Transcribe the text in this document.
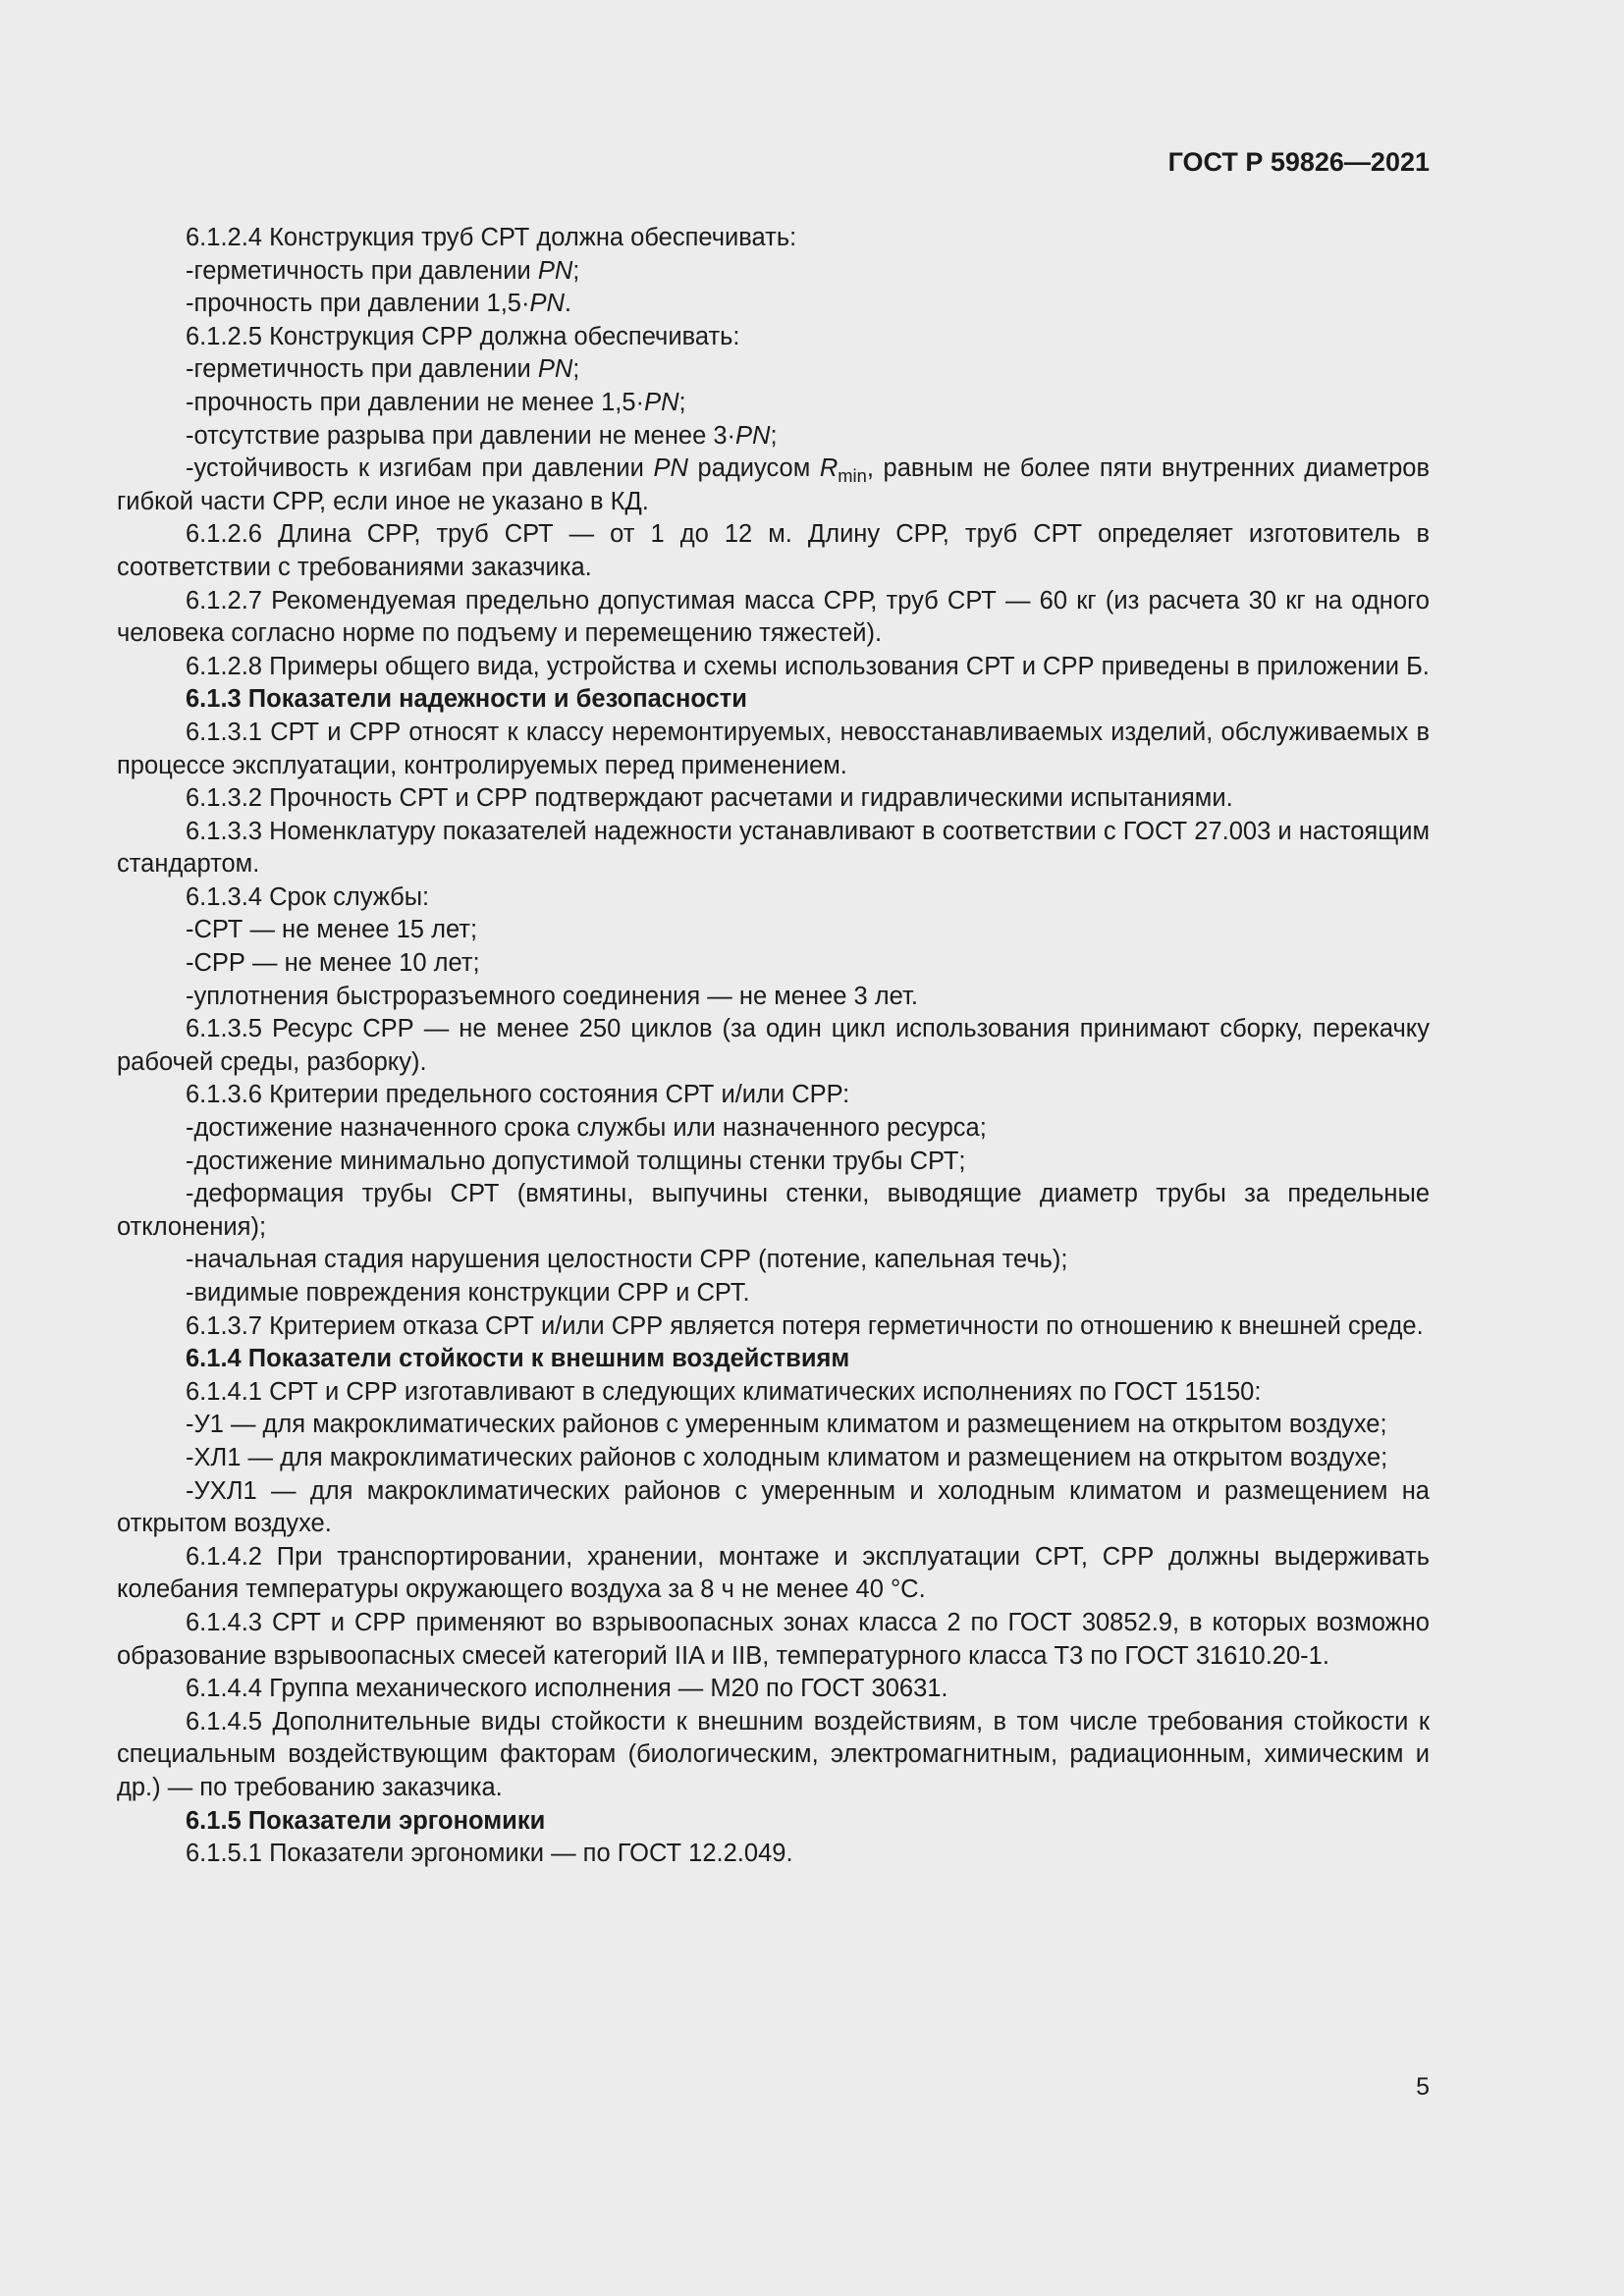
ГОСТ Р 59826—2021

6.1.2.4 Конструкция труб СРТ должна обеспечивать:

-герметичность при давлении PN;

-прочность при давлении 1,5·PN.

6.1.2.5 Конструкция СРР должна обеспечивать:

-герметичность при давлении PN;

-прочность при давлении не менее 1,5·PN;

-отсутствие разрыва при давлении не менее 3·PN;

-устойчивость к изгибам при давлении PN радиусом $R_{min}$, равным не более пяти внутренних диаметров гибкой части СРР, если иное не указано в КД.

6.1.2.6 Длина СРР, труб СРТ — от 1 до 12 м. Длину СРР, труб СРТ определяет изготовитель в соответствии с требованиями заказчика.

6.1.2.7 Рекомендуемая предельно допустимая масса СРР, труб СРТ — 60 кг (из расчета 30 кг на одного человека согласно норме по подъему и перемещению тяжестей).

6.1.2.8 Примеры общего вида, устройства и схемы использования СРТ и СРР приведены в приложении Б.

6.1.3 Показатели надежности и безопасности

6.1.3.1 СРТ и СРР относят к классу неремонтируемых, невосстанавливаемых изделий, обслуживаемых в процессе эксплуатации, контролируемых перед применением.

6.1.3.2 Прочность СРТ и СРР подтверждают расчетами и гидравлическими испытаниями.

6.1.3.3 Номенклатуру показателей надежности устанавливают в соответствии с ГОСТ 27.003 и настоящим стандартом.

6.1.3.4 Срок службы:

-СРТ — не менее 15 лет;

-СРР — не менее 10 лет;

-уплотнения быстроразъемного соединения — не менее 3 лет.

6.1.3.5 Ресурс СРР — не менее 250 циклов (за один цикл использования принимают сборку, перекачку рабочей среды, разборку).

6.1.3.6 Критерии предельного состояния СРТ и/или СРР:

-достижение назначенного срока службы или назначенного ресурса;

-достижение минимально допустимой толщины стенки трубы СРТ;

-деформация трубы СРТ (вмятины, выпучины стенки, выводящие диаметр трубы за предельные отклонения);

-начальная стадия нарушения целостности СРР (потение, капельная течь);

-видимые повреждения конструкции СРР и СРТ.

6.1.3.7 Критерием отказа СРТ и/или СРР является потеря герметичности по отношению к внешней среде.

6.1.4 Показатели стойкости к внешним воздействиям

6.1.4.1 СРТ и СРР изготавливают в следующих климатических исполнениях по ГОСТ 15150:

-У1 — для макроклиматических районов с умеренным климатом и размещением на открытом воздухе;

-ХЛ1 — для макроклиматических районов с холодным климатом и размещением на открытом воздухе;

-УХЛ1 — для макроклиматических районов с умеренным и холодным климатом и размещением на открытом воздухе.

6.1.4.2 При транспортировании, хранении, монтаже и эксплуатации СРТ, СРР должны выдерживать колебания температуры окружающего воздуха за 8 ч не менее 40 °С.

6.1.4.3 СРТ и СРР применяют во взрывоопасных зонах класса 2 по ГОСТ 30852.9, в которых возможно образование взрывоопасных смесей категорий IIA и IIB, температурного класса Т3 по ГОСТ 31610.20-1.

6.1.4.4 Группа механического исполнения — М20 по ГОСТ 30631.

6.1.4.5 Дополнительные виды стойкости к внешним воздействиям, в том числе требования стойкости к специальным воздействующим факторам (биологическим, электромагнитным, радиационным, химическим и др.) — по требованию заказчика.

6.1.5 Показатели эргономики

6.1.5.1 Показатели эргономики — по ГОСТ 12.2.049.

5
